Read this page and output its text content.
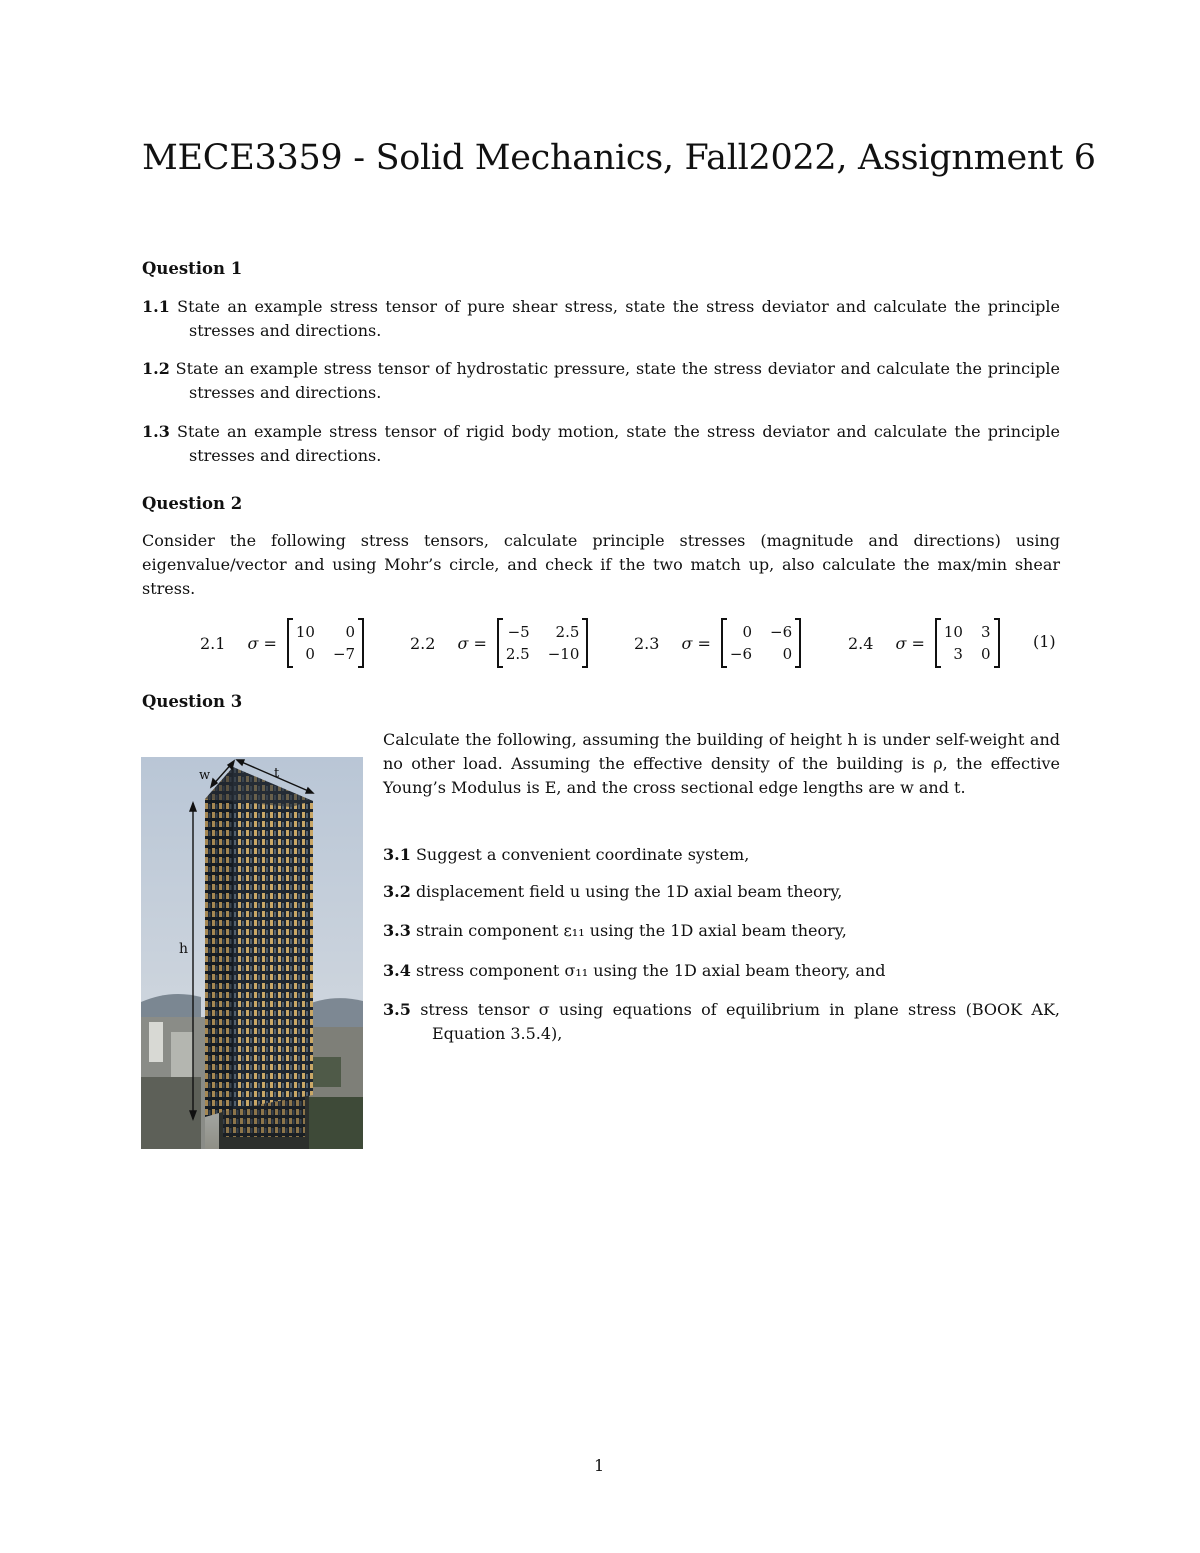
MECE3359 - Solid Mechanics, Fall2022, Assignment 6
Question 1
1.1 State an example stress tensor of pure shear stress, state the stress deviator and calculate the principle stresses and directions.
1.2 State an example stress tensor of hydrostatic pressure, state the stress deviator and calculate the principle stresses and directions.
1.3 State an example stress tensor of rigid body motion, state the stress deviator and calculate the principle stresses and directions.
Question 2
Consider the following stress tensors, calculate principle stresses (magnitude and directions) using eigenvalue/vector and using Mohr’s circle, and check if the two match up, also calculate the max/min shear stress.
2.1 σ =
10	0
0 −7
2.2 σ =
−5	2.5
2.5 −10
2.3 σ =
0 −6
−6	0
2.4 σ =
10 3
3 0
(1)
Question 3
w	t
h
Calculate the following, assuming the building of height h is under self-weight and no other load. Assuming the effective density of the building is ρ, the effective Young’s Modulus is E, and the cross sectional edge lengths are w and t.
3.1 Suggest a convenient coordinate system,
3.2 displacement field u using the 1D axial beam theory,
3.3 strain component ε₁₁ using the 1D axial beam theory,
3.4 stress component σ₁₁ using the 1D axial beam theory, and
3.5 stress tensor σ using equations of equilibrium in plane stress (BOOK AK, Equation 3.5.4),
1
